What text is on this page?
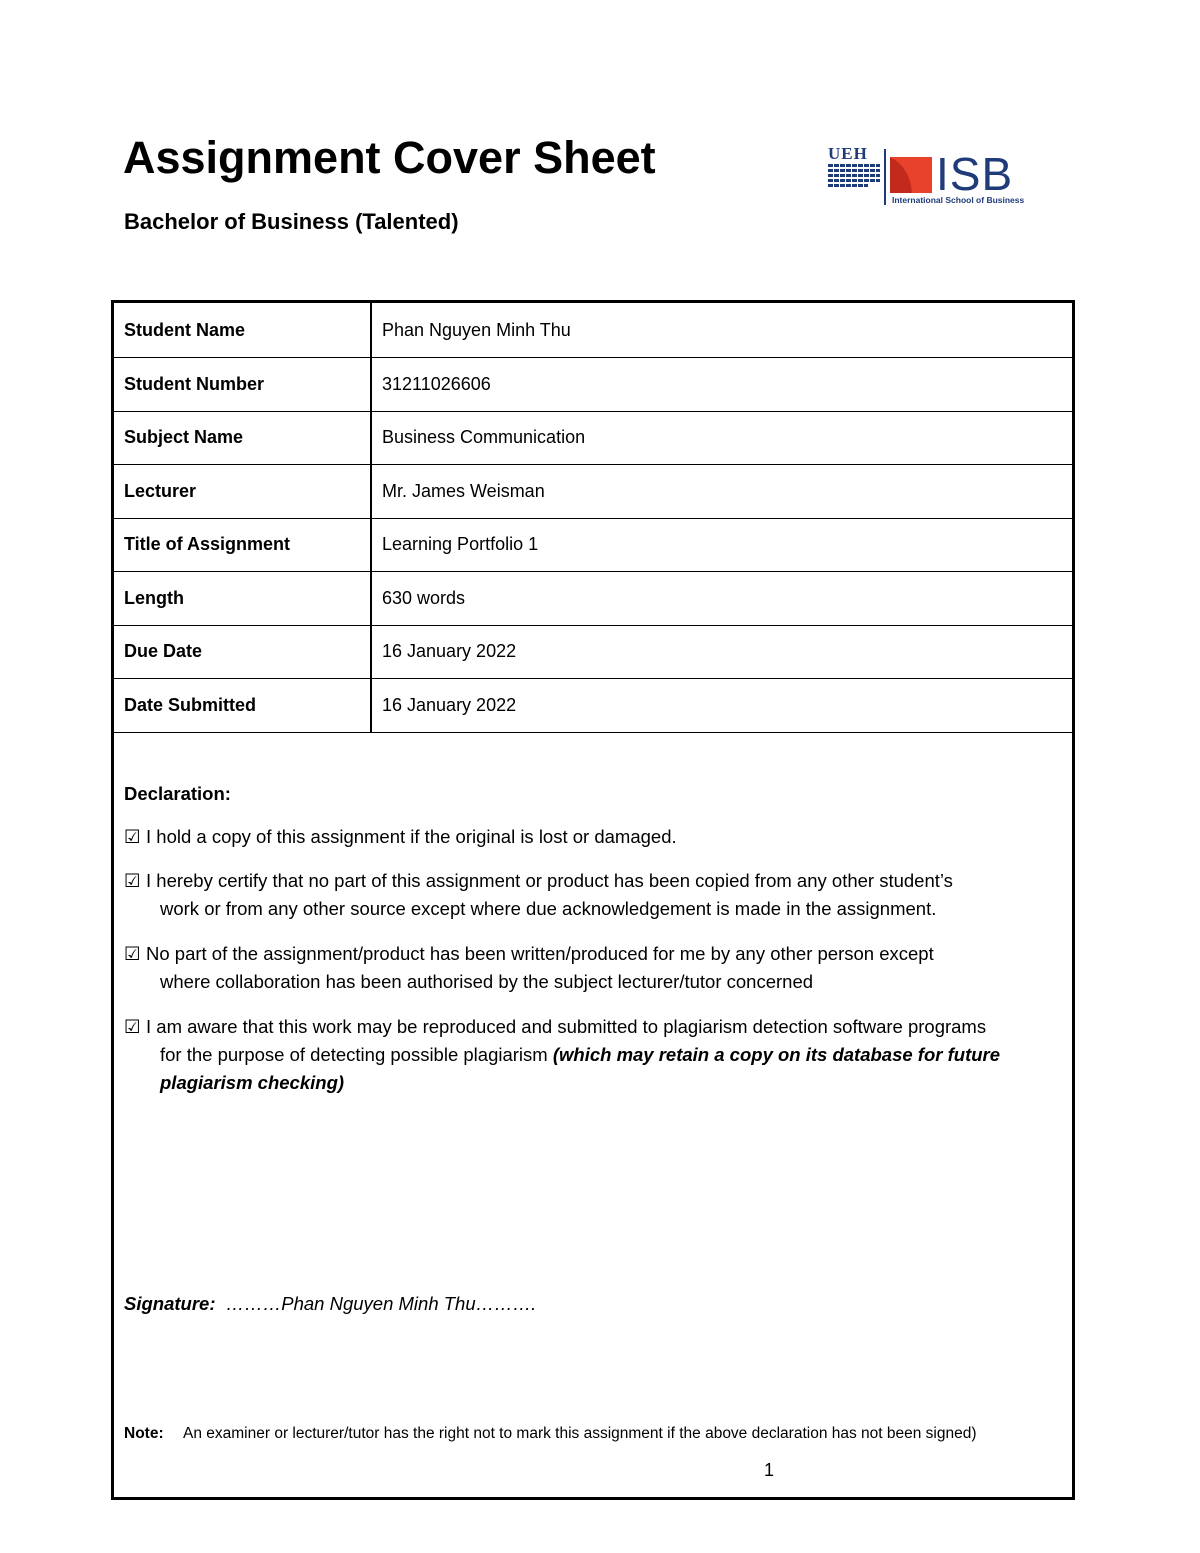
Assignment Cover Sheet
Bachelor of Business (Talented)
UEH ISB
International School of Business
Student Name	Phan Nguyen Minh Thu
Student Number	31211026606
Subject Name	Business Communication
Lecturer	Mr. James Weisman
Title of Assignment	Learning Portfolio 1
Length	630 words
Due Date	16 January 2022
Date Submitted	16 January 2022

Declaration:

☑ I hold a copy of this assignment if the original is lost or damaged.

☑ I hereby certify that no part of this assignment or product has been copied from any other student’s
work or from any other source except where due acknowledgement is made in the assignment.

☑ No part of the assignment/product has been written/produced for me by any other person except
where collaboration has been authorised by the subject lecturer/tutor concerned

☑ I am aware that this work may be reproduced and submitted to plagiarism detection software programs
for the purpose of detecting possible plagiarism (which may retain a copy on its database for future
plagiarism checking)

Signature: ………Phan Nguyen Minh Thu……….

Note: An examiner or lecturer/tutor has the right not to mark this assignment if the above declaration has not been signed)

1
